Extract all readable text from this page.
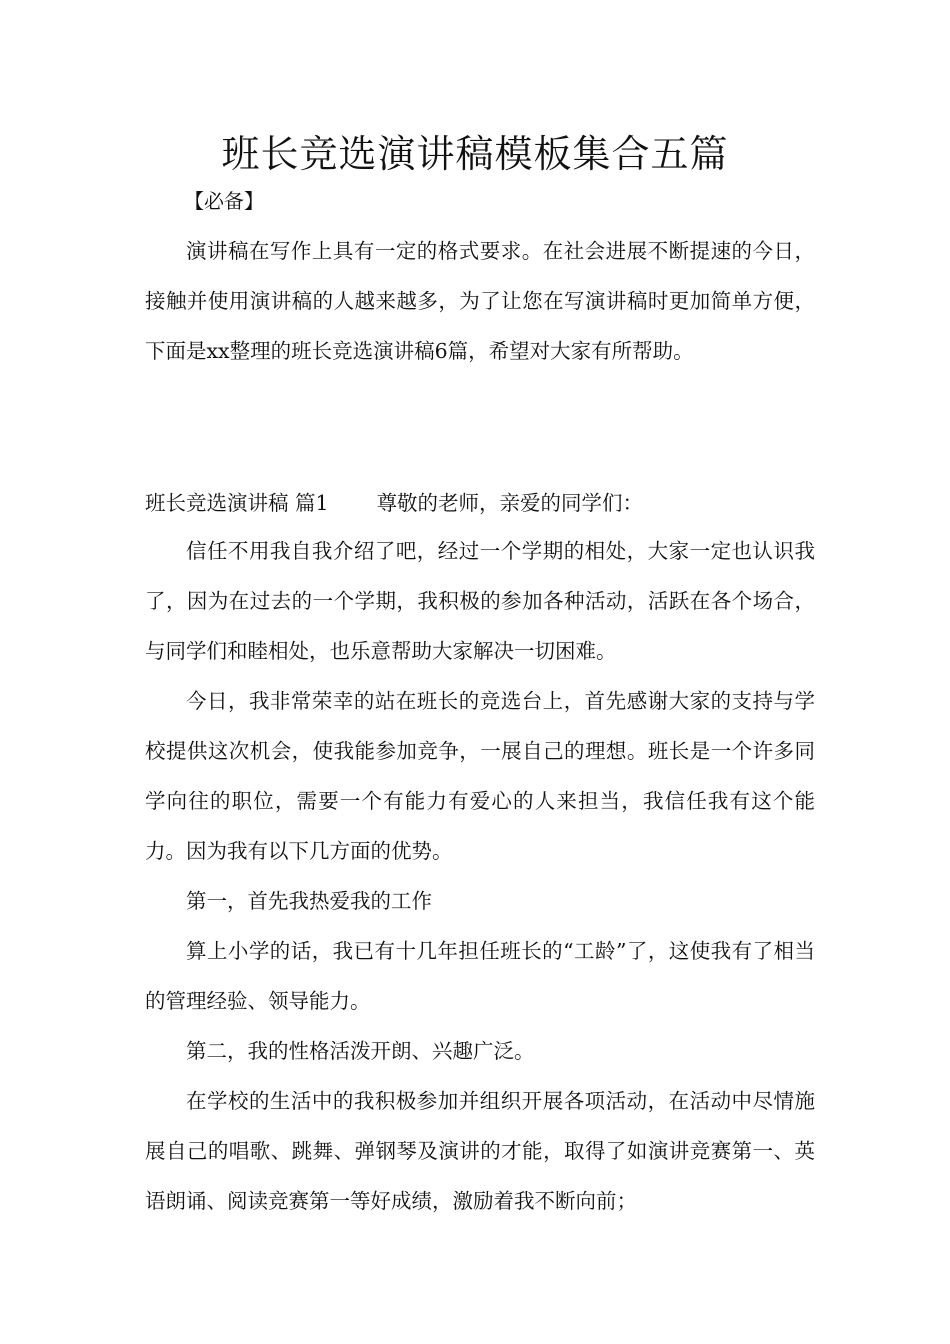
班长竞选演讲稿模板集合五篇
【必备】

演讲稿在写作上具有一定的格式要求。在社会进展不断提速的今日，接触并使用演讲稿的人越来越多，为了让您在写演讲稿时更加简单方便，下面是xx整理的班长竞选演讲稿6篇，希望对大家有所帮助。

班长竞选演讲稿 篇1 尊敬的老师，亲爱的同学们：

信任不用我自我介绍了吧，经过一个学期的相处，大家一定也认识我了，因为在过去的一个学期，我积极的参加各种活动，活跃在各个场合，与同学们和睦相处，也乐意帮助大家解决一切困难。

今日，我非常荣幸的站在班长的竞选台上，首先感谢大家的支持与学校提供这次机会，使我能参加竞争，一展自己的理想。班长是一个许多同学向往的职位，需要一个有能力有爱心的人来担当，我信任我有这个能力。因为我有以下几方面的优势。

第一，首先我热爱我的工作

算上小学的话，我已有十几年担任班长的“工龄”了，这使我有了相当的管理经验、领导能力。

第二，我的性格活泼开朗、兴趣广泛。

在学校的生活中的我积极参加并组织开展各项活动，在活动中尽情施展自己的唱歌、跳舞、弹钢琴及演讲的才能，取得了如演讲竞赛第一、英语朗诵、阅读竞赛第一等好成绩，激励着我不断向前；
